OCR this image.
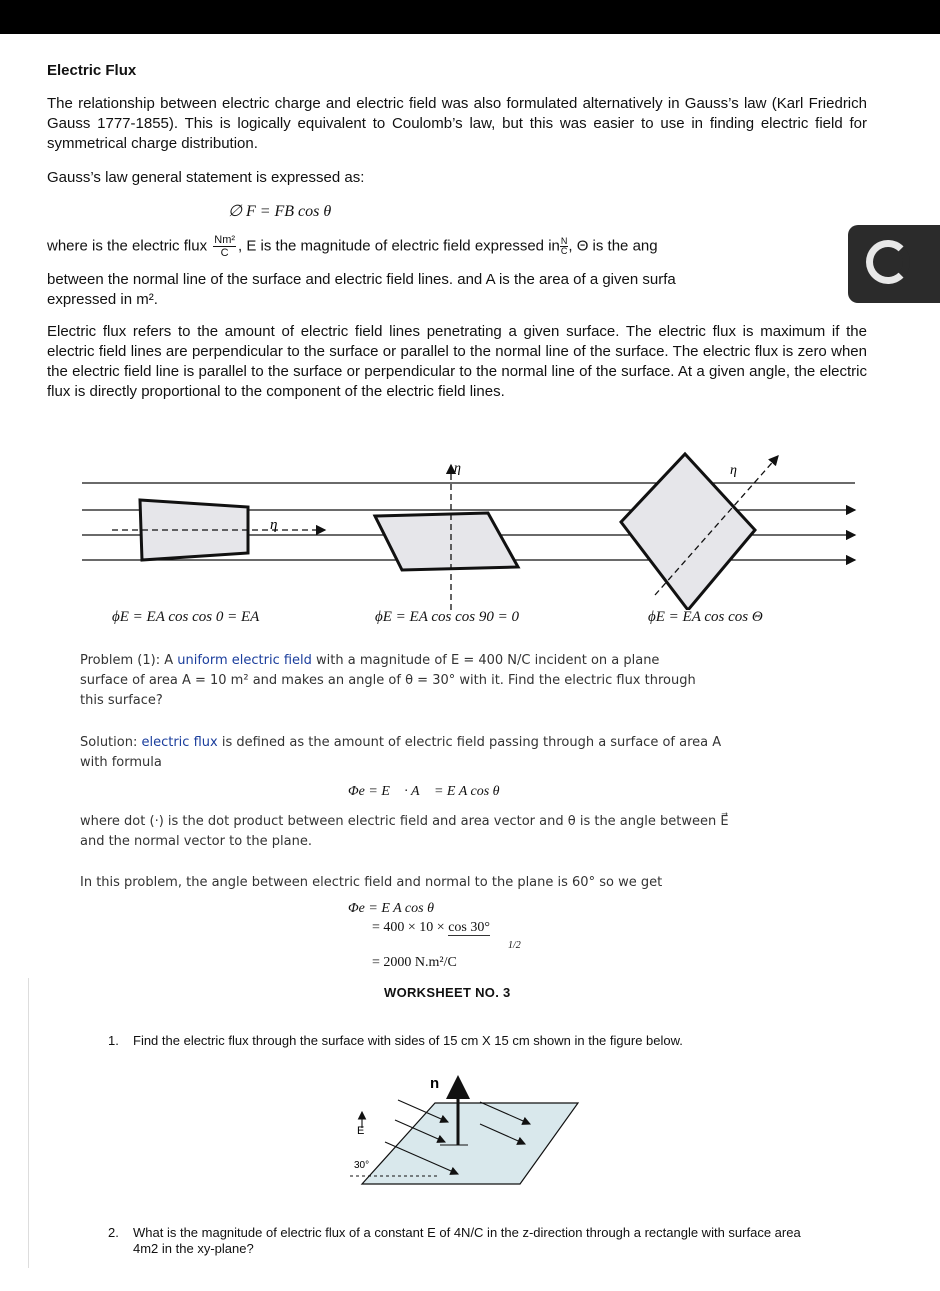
Electric Flux

The relationship between electric charge and electric field was also formulated alternatively in Gauss’s law (Karl Friedrich Gauss 1777-1855). This is logically equivalent to Coulomb’s law, but this was easier to use in finding electric field for symmetrical charge distribution.

Gauss’s law general statement is expressed as:

∅ F = FB cos θ
where is the electric flux $\frac{\text{Nm²}}{C}$ , E is the magnitude of electric field expressed in $\frac{N}{C}$ , Θ is the ang

between the normal line of the surface and electric field lines. and A is the area of a given surfa

expressed in m².

Electric flux refers to the amount of electric field lines penetrating a given surface. The electric flux is maximum if the electric field lines are perpendicular to the surface or parallel to the normal line of the surface. The electric flux is zero when the electric field line is parallel to the surface or perpendicular to the normal line of the surface. At a given angle, the electric flux is directly proportional to the component of the electric field lines.

η
η	η
ϕE = EA cos cos 0 = EA	ϕE = EA cos cos 90 = 0	ϕE = EA cos cos Θ

Problem (1): A uniform electric field with a magnitude of E = 400 N/C incident on a plane
surface of area A = 10 m² and makes an angle of θ = 30° with it. Find the electric flux through
this surface?

Solution: electric flux is defined as the amount of electric field passing through a surface of area A
with formula

Φe = E⃗ · A⃗ = E A cos θ

where dot (·) is the dot product between electric field and area vector and θ is the angle between E⃗
and the normal vector to the plane.

In this problem, the angle between electric field and normal to the plane is 60° so we get

Φe = E A cos θ
= 400 × 10 × cos 30°
1/2
= 2000 N.m²/C
WORKSHEET NO. 3
1. Find the electric flux through the surface with sides of 15 cm X 15 cm shown in the figure below.
n
E
30°
2. What is the magnitude of electric flux of a constant E of 4N/C in the z-direction through a rectangle with surface area 4m2 in the xy-plane?
